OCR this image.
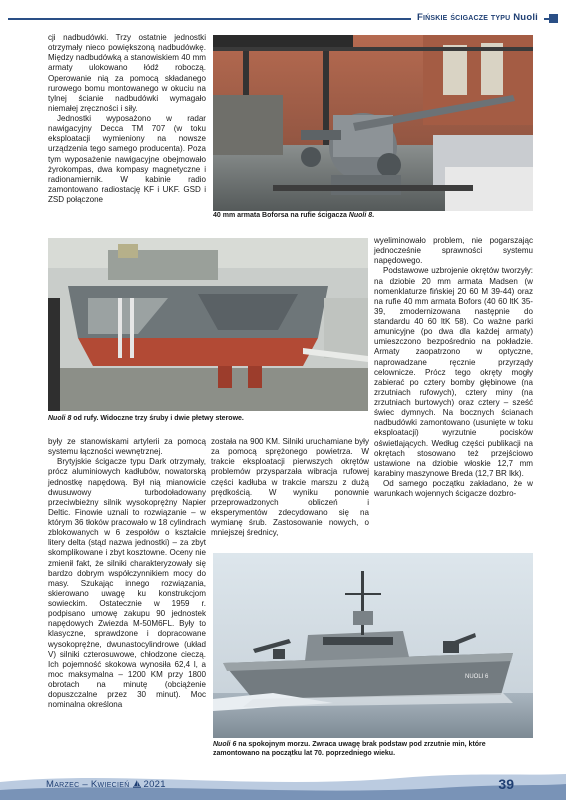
Fińskie ścigacze typu Nuoli

cji nadbudówki. Trzy ostatnie jednostki otrzymały nieco powiększoną nadbudówkę. Między nadbudówką a stanowiskiem 40 mm armaty ulokowano łódź roboczą. Operowanie nią za pomocą składanego rurowego bomu montowanego w okuciu na tylnej ścianie nadbudówki wymagało niemałej zręczności i siły.

Jednostki wyposażono w radar nawigacyjny Decca TM 707 (w toku eksploatacji wymieniony na nowsze urządzenia tego samego producenta). Poza tym wyposażenie nawigacyjne obejmowało żyrokompas, dwa kompasy magnetyczne i radionamiernik. W kabinie radio zamontowano radiostację KF i UKF. GSD i ZSD połączone

40 mm armata Boforsa na rufie ścigacza Nuoli 8.
Nuoli 8 od rufy. Widoczne trzy śruby i dwie płetwy sterowe.

wyeliminowało problem, nie pogarszając jednocześnie sprawności systemu napędowego.

Podstawowe uzbrojenie okrętów tworzyły: na dziobie 20 mm armata Madsen (w nomenklaturze fińskiej 20 60 M 39-44) oraz na rufie 40 mm armata Bofors (40 60 ltK 35-39, zmodernizowana następnie do standardu 40 60 ltK 58). Co ważne parki amunicyjne (po dwa dla każdej armaty) umieszczono bezpośrednio na pokładzie. Armaty zaopatrzono w optyczne, naprowadzane ręcznie przyrządy celownicze. Prócz tego okręty mogły zabierać po cztery bomby głębinowe (na zrzutniach rufowych), cztery miny (na zrzutniach burtowych) oraz cztery – sześć świec dymnych. Na bocznych ścianach nadbudówki zamontowano (usunięte w toku eksploatacji) wyrzutnie pocisków oświetlających. Według części publikacji na okrętach stosowano też przejściowo ustawione na dziobie włoskie 12,7 mm karabiny maszynowe Breda (12,7 BR lkk).

Od samego początku zakładano, że w warunkach wojennych ścigacze dozbro-

były ze stanowiskami artylerii za pomocą systemu łączności wewnętrznej.

Brytyjskie ścigacze typu Dark otrzymały, prócz aluminiowych kadłubów, nowatorską jednostkę napędową. Był nią mianowicie dwusuwowy turbodoładowany przeciwbieżny silnik wysokoprężny Napier Deltic. Finowie uznali to rozwiązanie – w którym 36 tłoków pracowało w 18 cylindrach zblokowanych w 6 zespołów o kształcie litery delta (stąd nazwa jednostki) – za zbyt skomplikowane i zbyt kosztowne. Oceny nie zmienił fakt, że silniki charakteryzowały się bardzo dobrym współczynnikiem mocy do masy. Szukając innego rozwiązania, skierowano uwagę ku konstrukcjom sowieckim. Ostatecznie w 1959 r. podpisano umowę zakupu 90 jednostek napędowych Zwiezda M-50M6FL. Były to klasyczne, sprawdzone i dopracowane wysokoprężne, dwunastocylindrowe (układ V) silniki czterosuwowe, chłodzone cieczą. Ich pojemność skokowa wynosiła 62,4 l, a moc maksymalna – 1200 KM przy 1800 obrotach na minutę (obciążenie dopuszczalne przez 30 minut). Moc nominalna określona

została na 900 KM. Silniki uruchamiane były za pomocą sprężonego powietrza. W trakcie eksploatacji pierwszych okrętów problemów przysparzała wibracja rufowej części kadłuba w trakcie marszu z dużą prędkością. W wyniku ponownie przeprowadzonych obliczeń i eksperymentów zdecydowano się na wymianę śrub. Zastosowanie nowych, o mniejszej średnicy,

NUOLI 6
Nuoli 6 na spokojnym morzu. Zwraca uwagę brak podstaw pod zrzutnie min, które zamontowano na początku lat 70. poprzedniego wieku.
Marzec – Kwiecień 2021	39
